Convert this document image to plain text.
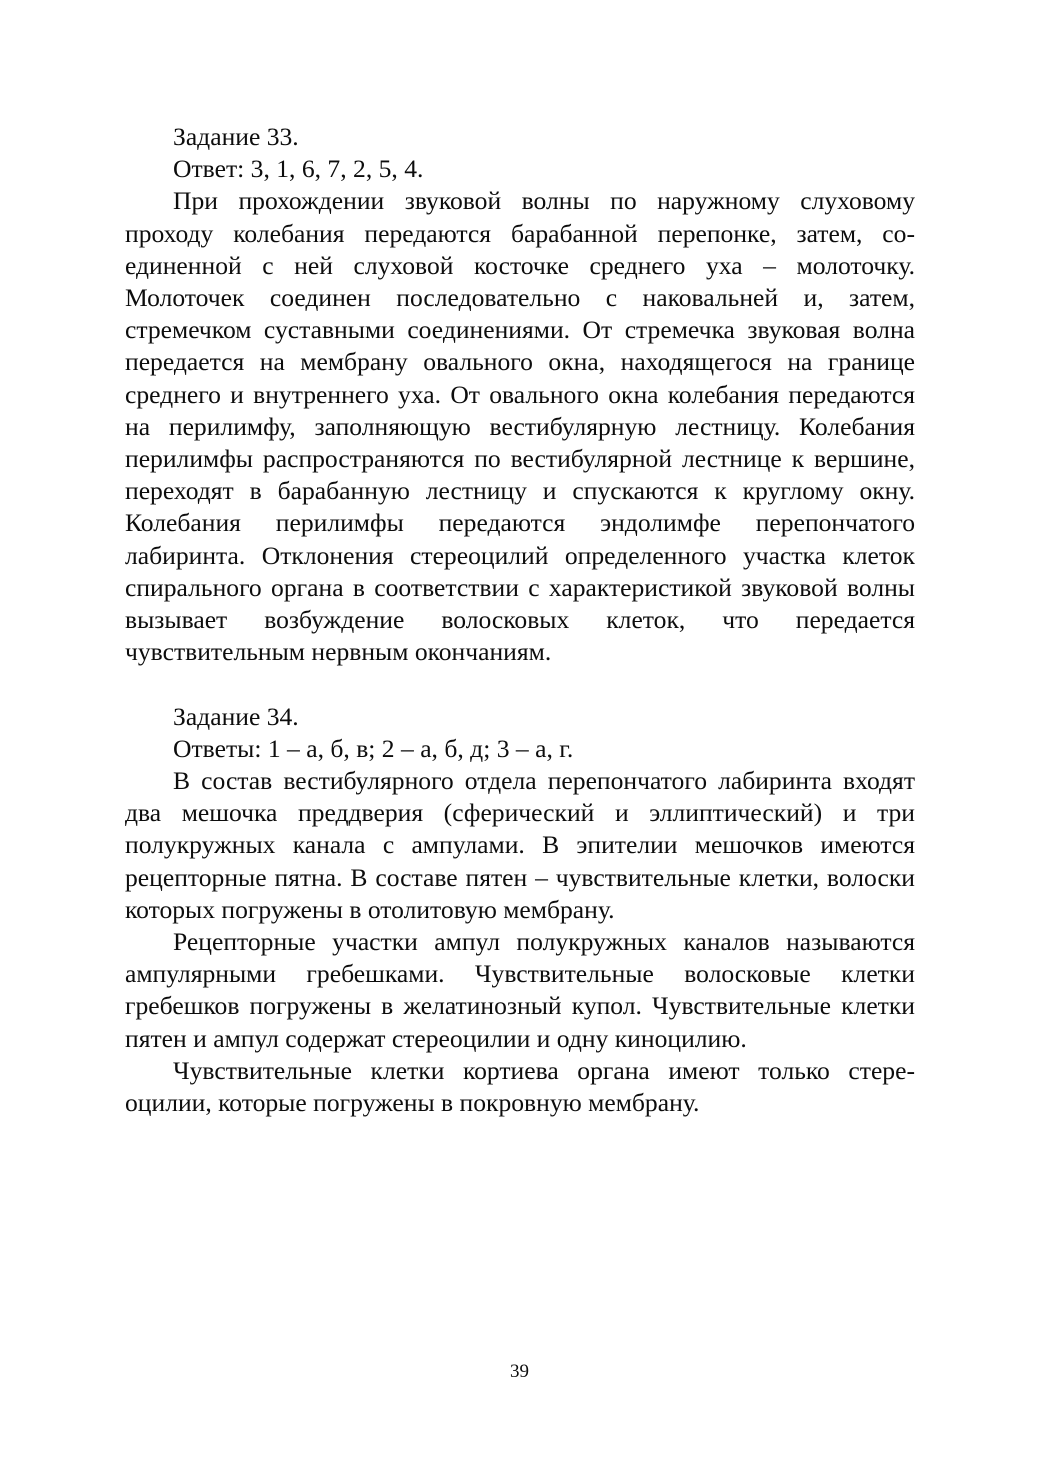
Задание 33.

Ответ: 3, 1, 6, 7, 2, 5, 4.

При прохождении звуковой волны по наружному слуховому проходу колебания передаются барабанной перепонке, затем, соединенной с ней слуховой косточке среднего уха – молоточку. Молоточек соединен последовательно с наковальней и, затем, стремечком суставными соединениями. От стремечка звуковая волна передается на мембрану овального окна, находящегося на границе среднего и внутреннего уха. От овального окна колебания передаются на перилимфу, заполняющую вестибулярную лестницу. Колебания перилимфы распространяются по вестибулярной лестнице к вершине, переходят в барабанную лестницу и спускаются к круглому окну. Колебания перилимфы передаются эндолимфе перепончатого лабиринта. Отклонения стереоцилий определенного участка клеток спирального органа в соответствии с характеристикой звуковой волны вызывает возбуждение волосковых клеток, что передается чувствительным нервным окончаниям.

Задание 34.

Ответы: 1 – а, б, в; 2 – а, б, д; 3 – а, г.

В состав вестибулярного отдела перепончатого лабиринта входят два мешочка преддверия (сферический и эллиптический) и три полукружных канала с ампулами. В эпителии мешочков имеются рецепторные пятна. В составе пятен – чувствительные клетки, волоски которых погружены в отолитовую мембрану.

Рецепторные участки ампул полукружных каналов называются ампулярными гребешками. Чувствительные волосковые клетки гребешков погружены в желатинозный купол. Чувствительные клетки пятен и ампул содержат стереоцилии и одну киноцилию.

Чувствительные клетки кортиева органа имеют только стереоцилии, которые погружены в покровную мембрану.

39
